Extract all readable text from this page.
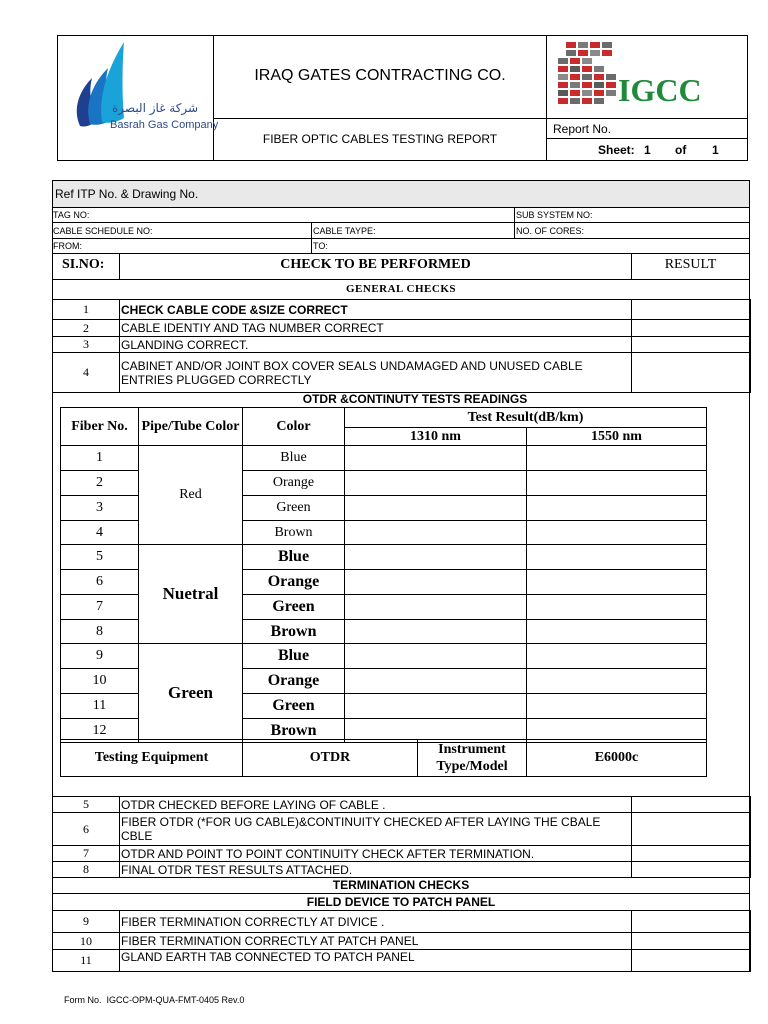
شركة غاز البصرة
Basrah Gas Company
IRAQ GATES CONTRACTING CO.
FIBER OPTIC CABLES TESTING REPORT
IGCC
Report No.
Sheet: 1 of 1
Ref ITP No. & Drawing No.
TAG NO:	SUB SYSTEM NO:
CABLE SCHEDULE NO:	CABLE TAYPE:	NO. OF CORES:
FROM:	TO:
SI.NO:	CHECK TO BE PERFORMED	RESULT
GENERAL CHECKS
1	CHECK CABLE CODE &SIZE CORRECT	
2	CABLE IDENTIY AND TAG NUMBER CORRECT	
3	GLANDING CORRECT.	
4	CABINET AND/OR JOINT BOX COVER SEALS UNDAMAGED AND UNUSED CABLE ENTRIES PLUGGED CORRECTLY	
OTDR &CONTINUTY TESTS READINGS
Fiber No.	Pipe/Tube Color	Color	Test Result(dB/km)	
			1310 nm	1550 nm
1	Red	Blue		
2		Orange		
3		Green		
4		Brown		
5	Nuetral	Blue		
6		Orange		
7		Green		
8		Brown		
9	Green	Blue		
10		Orange		
11		Green		
12		Brown		
Testing Equipment	OTDR	Instrument Type/Model	E6000c
5	OTDR CHECKED BEFORE LAYING OF CABLE .	
6	FIBER OTDR (*FOR UG CABLE)&CONTINUITY CHECKED AFTER LAYING THE CBALE CBLE	
7	OTDR AND POINT TO POINT CONTINUITY CHECK AFTER TERMINATION.	
8	FINAL OTDR TEST RESULTS ATTACHED.	
TERMINATION CHECKS
FIELD DEVICE TO PATCH PANEL
9	FIBER TERMINATION CORRECTLY AT DIVICE .	
10	FIBER TERMINATION CORRECTLY AT PATCH PANEL	
11	GLAND EARTH TAB CONNECTED TO PATCH PANEL	
Form No.  IGCC-OPM-QUA-FMT-0405 Rev.0
